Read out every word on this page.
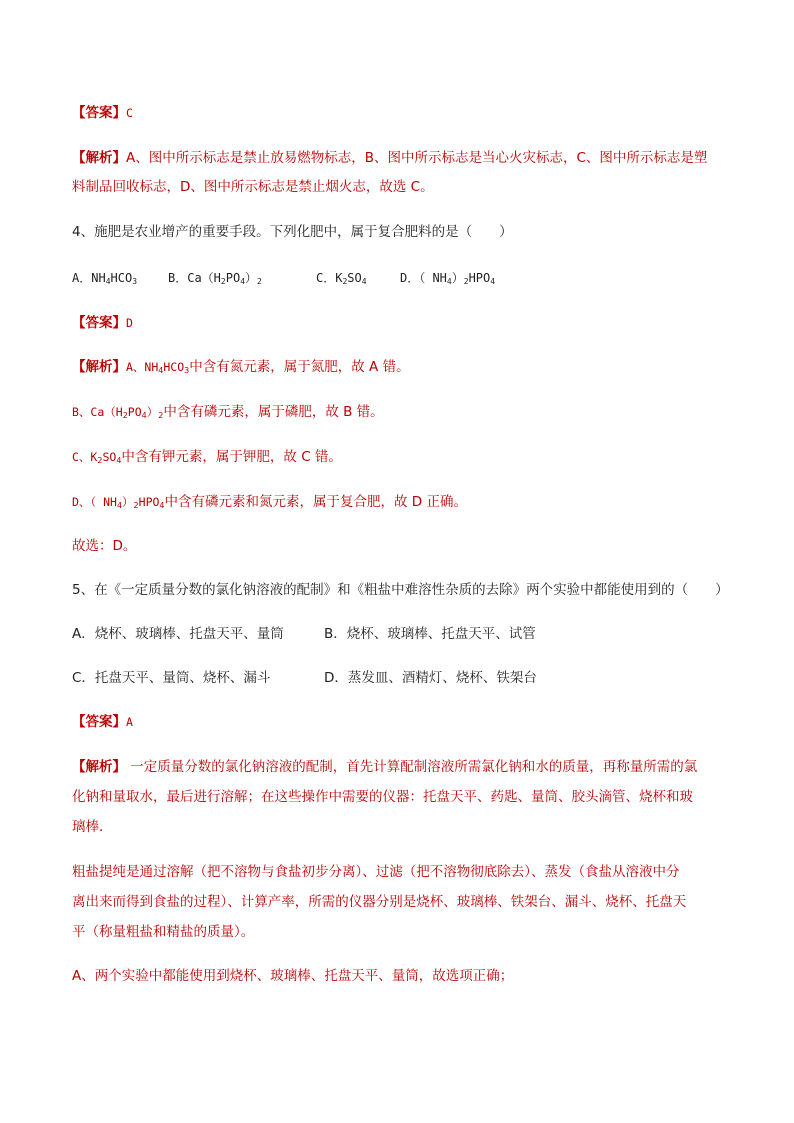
【答案】C
【解析】A、图中所示标志是禁止放易燃物标志，B、图中所示标志是当心火灾标志，C、图中所示标志是塑
料制品回收标志，D、图中所示标志是禁止烟火志，故选 C。
4、施肥是农业增产的重要手段。下列化肥中，属于复合肥料的是（　　）
A．$NH_4HCO_3$	B．$Ca(H_2PO_4)_2$	C．$K_2SO_4$	D．（ $NH_4)_2HPO_4$
【答案】D
【解析】A、$NH_4HCO_3$中含有氮元素，属于氮肥，故 A 错。
B、$Ca(H_2PO_4)_2$中含有磷元素，属于磷肥，故 B 错。
C、$K_2SO_4$中含有钾元素，属于钾肥，故 C 错。
D、（ $NH_4)_2HPO_4$中含有磷元素和氮元素，属于复合肥，故 D 正确。
故选：D。
5、在《一定质量分数的氯化钠溶液的配制》和《粗盐中难溶性杂质的去除》两个实验中都能使用到的（　　）
A．烧杯、玻璃棒、托盘天平、量筒	B．烧杯、玻璃棒、托盘天平、试管
C．托盘天平、量筒、烧杯、漏斗	D．蒸发皿、酒精灯、烧杯、铁架台
【答案】A
【解析】 一定质量分数的氯化钠溶液的配制，首先计算配制溶液所需氯化钠和水的质量，再称量所需的氯
化钠和量取水，最后进行溶解；在这些操作中需要的仪器：托盘天平、药匙、量筒、胶头滴管、烧杯和玻
璃棒．
粗盐提纯是通过溶解（把不溶物与食盐初步分离）、过滤（把不溶物彻底除去）、蒸发（食盐从溶液中分
离出来而得到食盐的过程）、计算产率，所需的仪器分别是烧杯、玻璃棒、铁架台、漏斗、烧杯、托盘天
平（称量粗盐和精盐的质量）。
A、两个实验中都能使用到烧杯、玻璃棒、托盘天平、量筒，故选项正确；
